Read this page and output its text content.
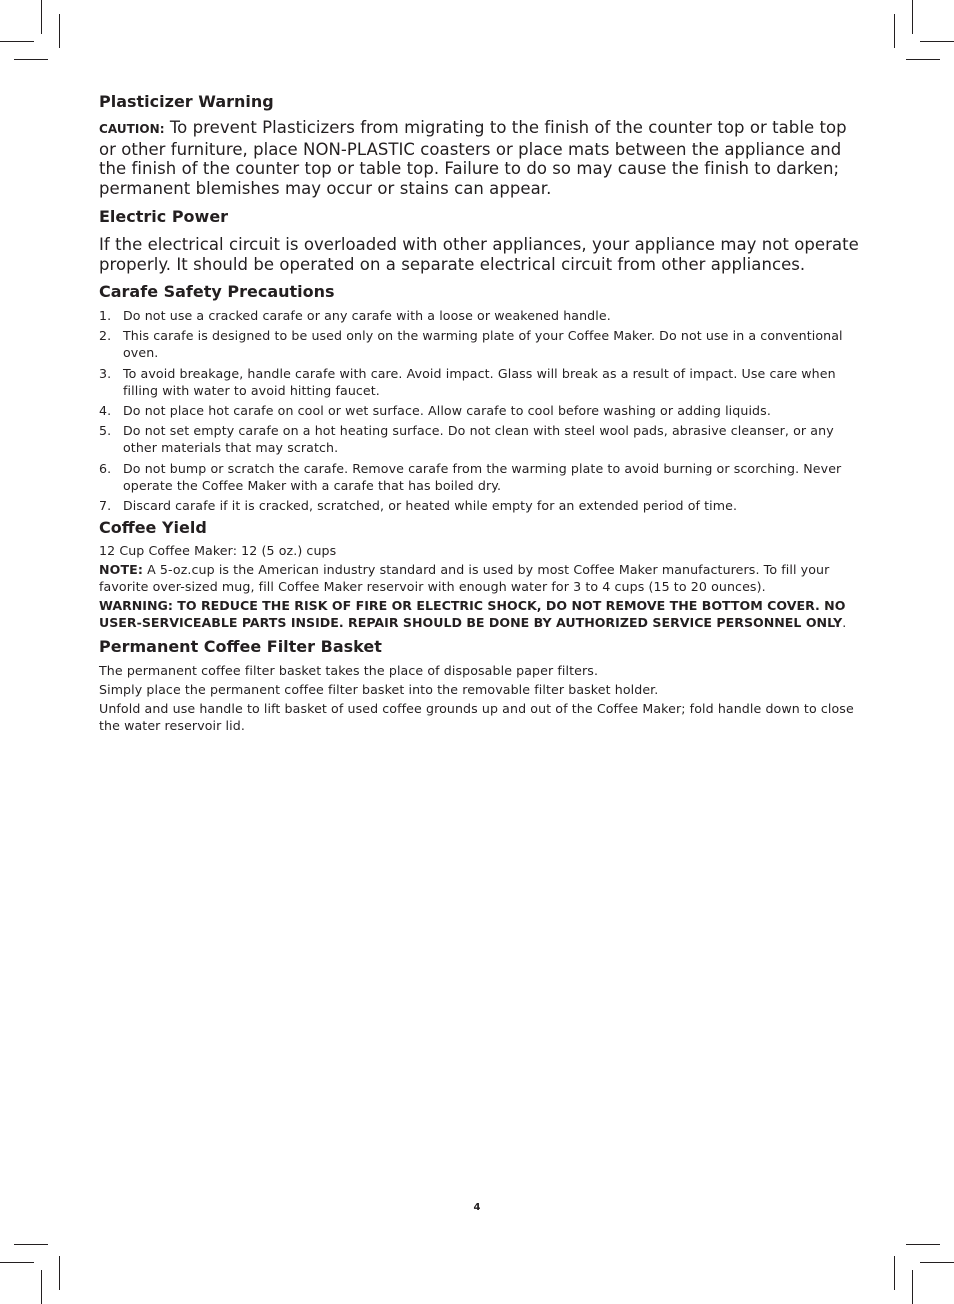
Plasticizer Warning

CAUTION: To prevent Plasticizers from migrating to the finish of the counter top or table top or other furniture, place NON-PLASTIC coasters or place mats between the appliance and the finish of the counter top or table top. Failure to do so may cause the finish to darken; permanent blemishes may occur or stains can appear.

Electric Power

If the electrical circuit is overloaded with other appliances, your appliance may not operate properly. It should be operated on a separate electrical circuit from other appliances.

Carafe Safety Precautions
1. Do not use a cracked carafe or any carafe with a loose or weakened handle.
2. This carafe is designed to be used only on the warming plate of your Coffee Maker. Do not use in a conventional oven.
3. To avoid breakage, handle carafe with care. Avoid impact. Glass will break as a result of impact. Use care when filling with water to avoid hitting faucet.
4. Do not place hot carafe on cool or wet surface. Allow carafe to cool before washing or adding liquids.
5. Do not set empty carafe on a hot heating surface. Do not clean with steel wool pads, abrasive cleanser, or any other materials that may scratch.
6. Do not bump or scratch the carafe. Remove carafe from the warming plate to avoid burning or scorching. Never operate the Coffee Maker with a carafe that has boiled dry.
7. Discard carafe if it is cracked, scratched, or heated while empty for an extended period of time.
Coffee Yield

12 Cup Coffee Maker: 12 (5 oz.) cups

NOTE: A 5-oz.cup is the American industry standard and is used by most Coffee Maker manufacturers. To fill your favorite over-sized mug, fill Coffee Maker reservoir with enough water for 3 to 4 cups (15 to 20 ounces).

WARNING: TO REDUCE THE RISK OF FIRE OR ELECTRIC SHOCK, DO NOT REMOVE THE BOTTOM COVER. NO USER-SERVICEABLE PARTS INSIDE. REPAIR SHOULD BE DONE BY AUTHORIZED SERVICE PERSONNEL ONLY.

Permanent Coffee Filter Basket

The permanent coffee filter basket takes the place of disposable paper filters.

Simply place the permanent coffee filter basket into the removable filter basket holder.

Unfold and use handle to lift basket of used coffee grounds up and out of the Coffee Maker; fold handle down to close the water reservoir lid.

4
